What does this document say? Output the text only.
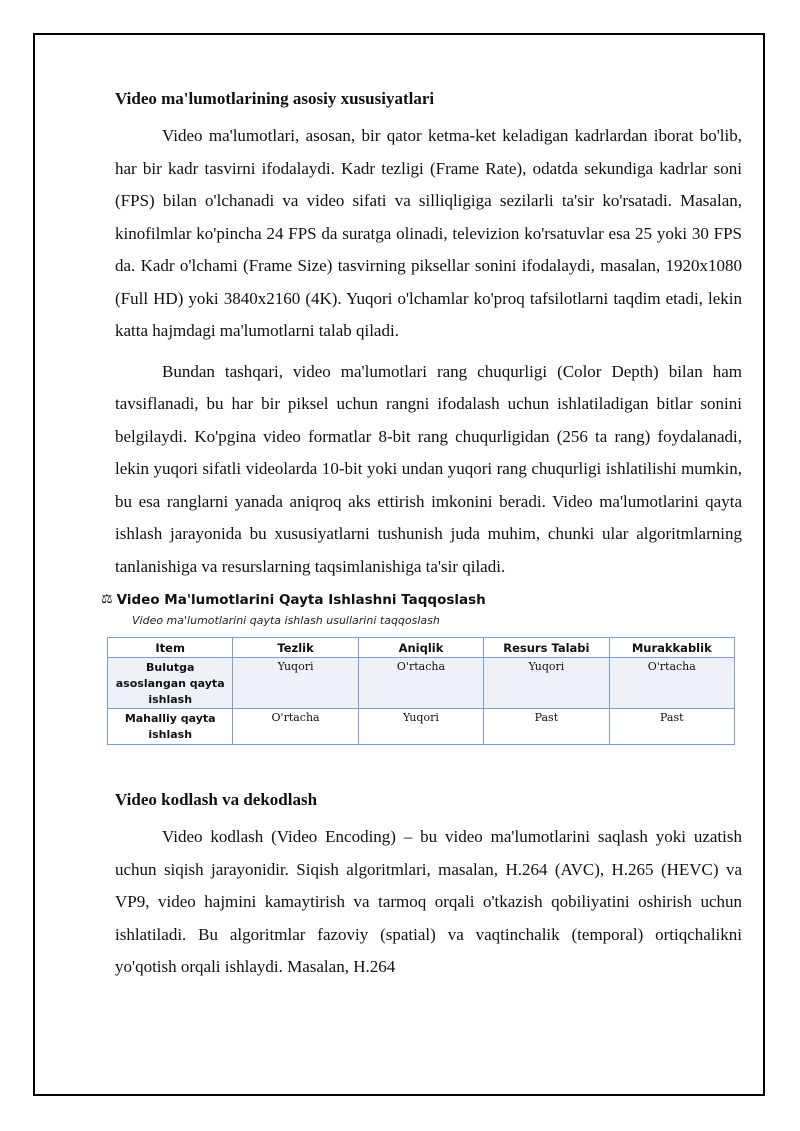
Video ma'lumotlarining asosiy xususiyatlari

Video ma'lumotlari, asosan, bir qator ketma-ket keladigan kadrlardan iborat bo'lib, har bir kadr tasvirni ifodalaydi. Kadr tezligi (Frame Rate), odatda sekundiga kadrlar soni (FPS) bilan o'lchanadi va video sifati va silliqligiga sezilarli ta'sir ko'rsatadi. Masalan, kinofilmlar ko'pincha 24 FPS da suratga olinadi, televizion ko'rsatuvlar esa 25 yoki 30 FPS da. Kadr o'lchami (Frame Size) tasvirning piksellar sonini ifodalaydi, masalan, 1920x1080 (Full HD) yoki 3840x2160 (4K). Yuqori o'lchamlar ko'proq tafsilotlarni taqdim etadi, lekin katta hajmdagi ma'lumotlarni talab qiladi.

Bundan tashqari, video ma'lumotlari rang chuqurligi (Color Depth) bilan ham tavsiflanadi, bu har bir piksel uchun rangni ifodalash uchun ishlatiladigan bitlar sonini belgilaydi. Ko'pgina video formatlar 8-bit rang chuqurligidan (256 ta rang) foydalanadi, lekin yuqori sifatli videolarda 10-bit yoki undan yuqori rang chuqurligi ishlatilishi mumkin, bu esa ranglarni yanada aniqroq aks ettirish imkonini beradi. Video ma'lumotlarini qayta ishlash jarayonida bu xususiyatlarni tushunish juda muhim, chunki ular algoritmlarning tanlanishiga va resurslarning taqsimlanishiga ta'sir qiladi.

⚖ Video Ma'lumotlarini Qayta Ishlashni Taqqoslash
Video ma'lumotlarini qayta ishlash usullarini taqqoslash
Item	Tezlik	Aniqlik	Resurs Talabi	Murakkablik
Bulutga asoslangan qayta ishlash	Yuqori	O'rtacha	Yuqori	O'rtacha
Mahalliy qayta ishlash	O'rtacha	Yuqori	Past	Past
Video kodlash va dekodlash

Video kodlash (Video Encoding) – bu video ma'lumotlarini saqlash yoki uzatish uchun siqish jarayonidir. Siqish algoritmlari, masalan, H.264 (AVC), H.265 (HEVC) va VP9, video hajmini kamaytirish va tarmoq orqali o'tkazish qobiliyatini oshirish uchun ishlatiladi. Bu algoritmlar fazoviy (spatial) va vaqtinchalik (temporal) ortiqchalikni yo'qotish orqali ishlaydi. Masalan, H.264
